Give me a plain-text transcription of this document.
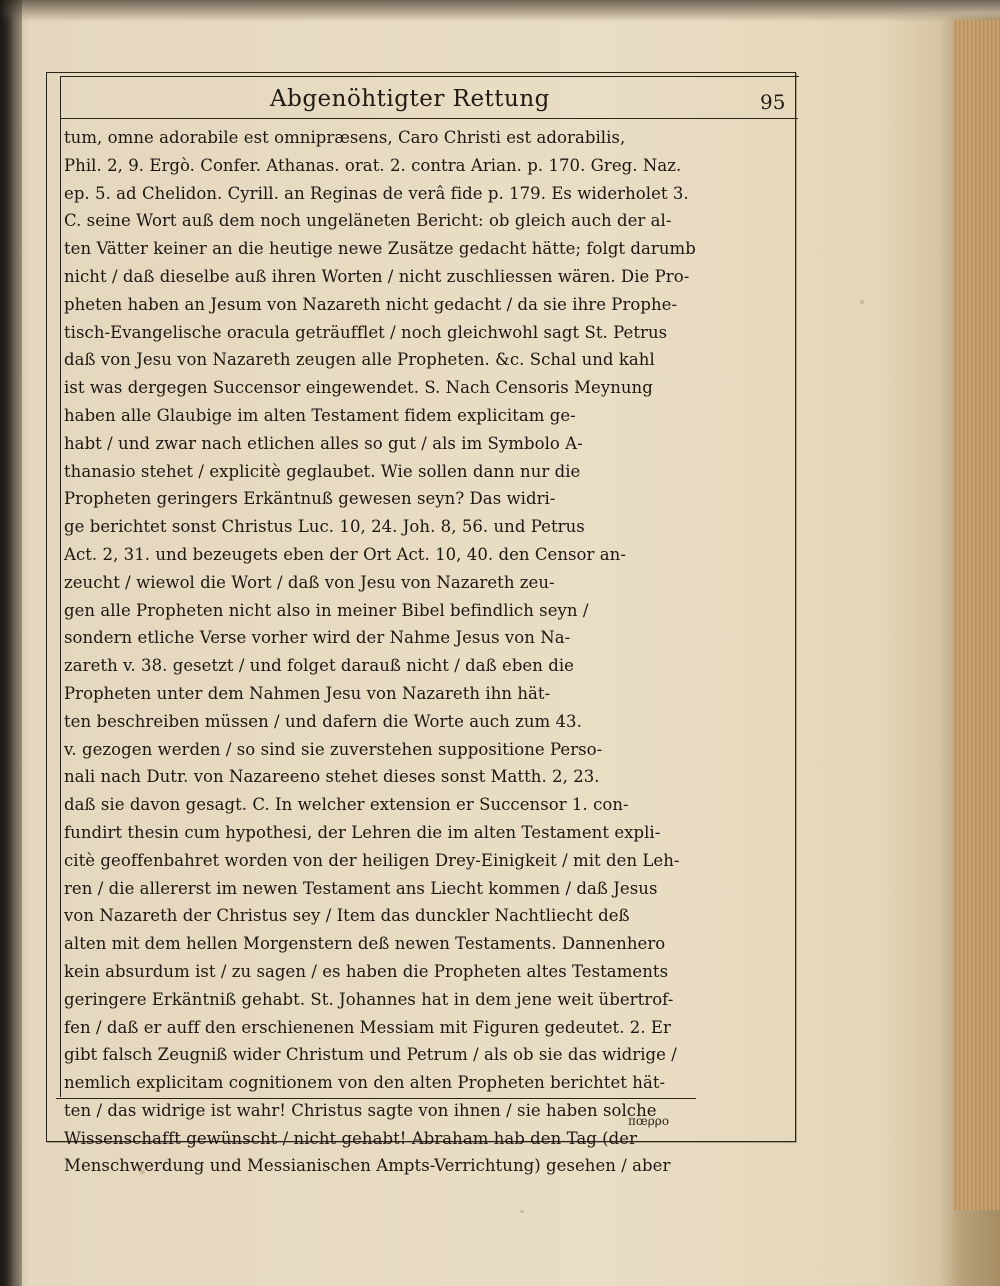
Abgenöhtigter Rettung	95
tum, omne adorabile est omnipræsens, Caro Christi est adorabilis,
Phil. 2, 9. Ergò. Confer. Athanas. orat. 2. contra Arian. p. 170. Greg. Naz.
ep. 5. ad Chelidon. Cyrill. an Reginas de verâ fide p. 179. Es widerholet 3.
C. seine Wort auß dem noch ungeläneten Bericht: ob gleich auch der al-
ten Vätter keiner an die heutige newe Zusätze gedacht hätte; folgt darumb
nicht / daß dieselbe auß ihren Worten / nicht zuschliessen wären. Die Pro-
pheten haben an Jesum von Nazareth nicht gedacht / da sie ihre Prophe-
tisch-Evangelische oracula geträufflet / noch gleichwohl sagt St. Petrus
daß von Jesu von Nazareth zeugen alle Propheten. &c. Schal und kahl
ist was dergegen Succensor eingewendet. S. Nach Censoris Meynung
haben alle Glaubige im alten Testament fidem explicitam ge-
habt / und zwar nach etlichen alles so gut / als im Symbolo A-
thanasio stehet / explicitè geglaubet. Wie sollen dann nur die
Propheten geringers Erkäntnuß gewesen seyn? Das widri-
ge berichtet sonst Christus Luc. 10, 24. Joh. 8, 56. und Petrus
Act. 2, 31. und bezeugets eben der Ort Act. 10, 40. den Censor an-
zeucht / wiewol die Wort / daß von Jesu von Nazareth zeu-
gen alle Propheten nicht also in meiner Bibel befindlich seyn /
sondern etliche Verse vorher wird der Nahme Jesus von Na-
zareth v. 38. gesetzt / und folget darauß nicht / daß eben die
Propheten unter dem Nahmen Jesu von Nazareth ihn hät-
ten beschreiben müssen / und dafern die Worte auch zum 43.
v. gezogen werden / so sind sie zuverstehen suppositione Perso-
nali nach Dutr. von Nazareeno stehet dieses sonst Matth. 2, 23.
daß sie davon gesagt. C. In welcher extension er Succensor 1. con-
fundirt thesin cum hypothesi, der Lehren die im alten Testament expli-
citè geoffenbahret worden von der heiligen Drey-Einigkeit / mit den Leh-
ren / die allererst im newen Testament ans Liecht kommen / daß Jesus
von Nazareth der Christus sey / Item das dunckler Nachtliecht deß
alten mit dem hellen Morgenstern deß newen Testaments. Dannenhero
kein absurdum ist / zu sagen / es haben die Propheten altes Testaments
geringere Erkäntniß gehabt. St. Johannes hat in dem jene weit übertrof-
fen / daß er auff den erschienenen Messiam mit Figuren gedeutet. 2. Er
gibt falsch Zeugniß wider Christum und Petrum / als ob sie das widrige /
nemlich explicitam cognitionem von den alten Propheten berichtet hät-
ten / das widrige ist wahr! Christus sagte von ihnen / sie haben solche
Wissenschafft gewünscht / nicht gehabt! Abraham hab den Tag (der
Menschwerdung und Messianischen Ampts-Verrichtung) gesehen / aber
πœρρο
